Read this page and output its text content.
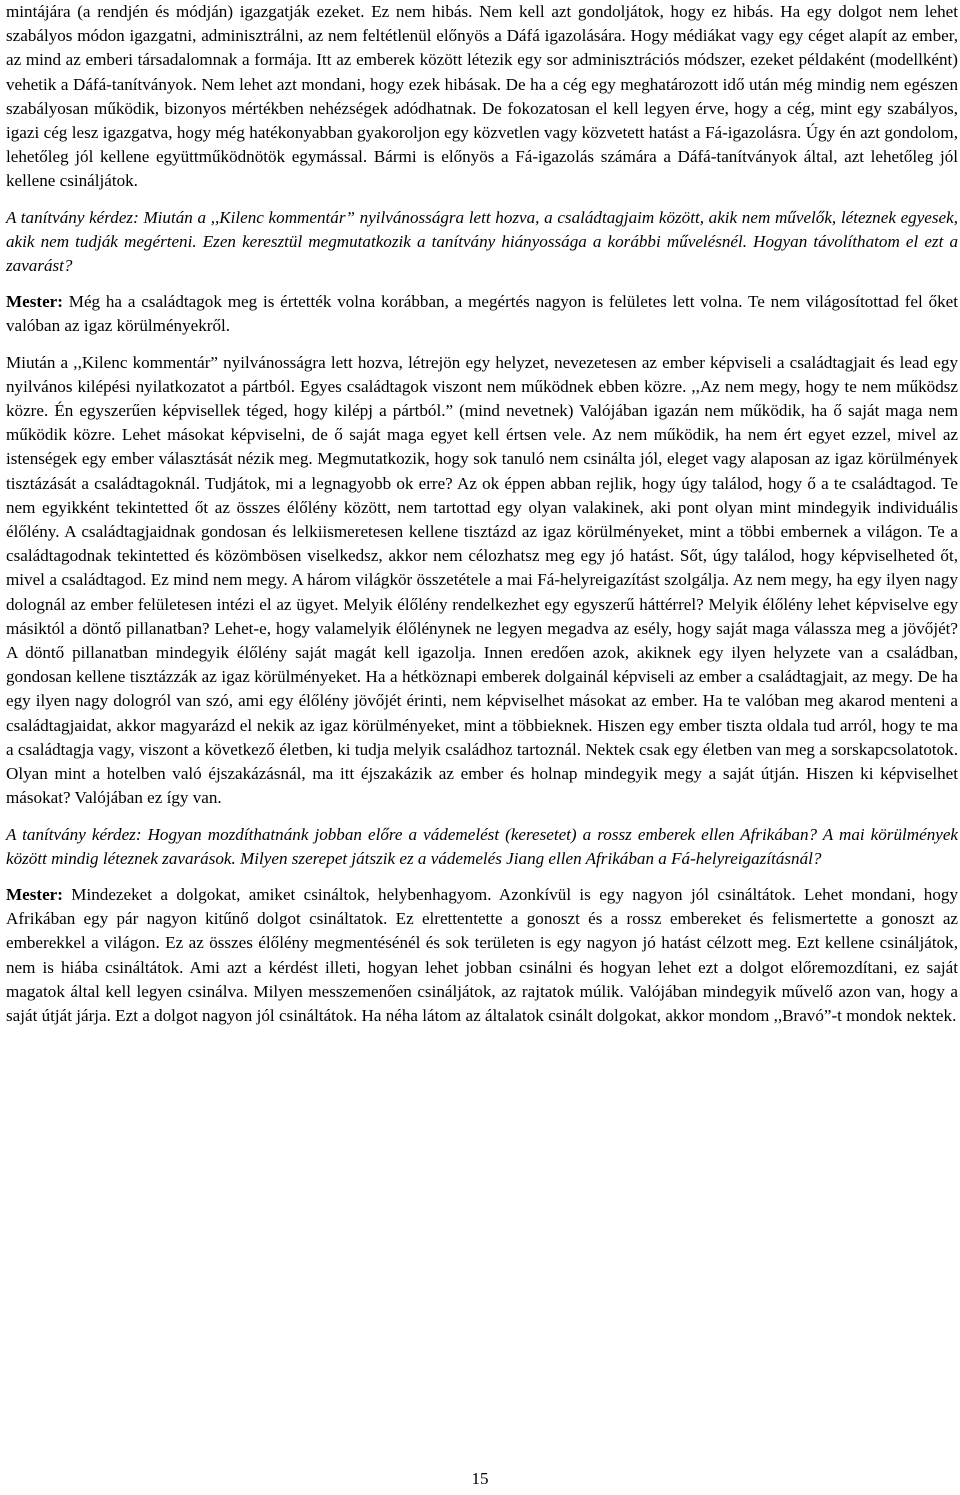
mintájára (a rendjén és módján) igazgatják ezeket. Ez nem hibás. Nem kell azt gondoljátok, hogy ez hibás. Ha egy dolgot nem lehet szabályos módon igazgatni, adminisztrálni, az nem feltétlenül előnyös a Dáfá igazolására. Hogy médiákat vagy egy céget alapít az ember, az mind az emberi társadalomnak a formája. Itt az emberek között létezik egy sor adminisztrációs módszer, ezeket példaként (modellként) vehetik a Dáfá-tanítványok. Nem lehet azt mondani, hogy ezek hibásak. De ha a cég egy meghatározott idő után még mindig nem egészen szabályosan működik, bizonyos mértékben nehézségek adódhatnak. De fokozatosan el kell legyen érve, hogy a cég, mint egy szabályos, igazi cég lesz igazgatva, hogy még hatékonyabban gyakoroljon egy közvetlen vagy közvetett hatást a Fá-igazolásra. Úgy én azt gondolom, lehetőleg jól kellene együttműködnötök egymással. Bármi is előnyös a Fá-igazolás számára a Dáfá-tanítványok által, azt lehetőleg jól kellene csináljátok.

A tanítvány kérdez: Miután a ,,Kilenc kommentár” nyilvánosságra lett hozva, a családtagjaim között, akik nem művelők, léteznek egyesek, akik nem tudják megérteni. Ezen keresztül megmutatkozik a tanítvány hiányossága a korábbi művelésnél. Hogyan távolíthatom el ezt a zavarást?

Mester: Még ha a családtagok meg is értették volna korábban, a megértés nagyon is felületes lett volna. Te nem világosítottad fel őket valóban az igaz körülményekről.

Miután a ,,Kilenc kommentár” nyilvánosságra lett hozva, létrejön egy helyzet, nevezetesen az ember képviseli a családtagjait és lead egy nyilvános kilépési nyilatkozatot a pártból. Egyes családtagok viszont nem működnek ebben közre. ,,Az nem megy, hogy te nem működsz közre. Én egyszerűen képvisellek téged, hogy kilépj a pártból.” (mind nevetnek) Valójában igazán nem működik, ha ő saját maga nem működik közre. Lehet másokat képviselni, de ő saját maga egyet kell értsen vele. Az nem működik, ha nem ért egyet ezzel, mivel az istenségek egy ember választását nézik meg. Megmutatkozik, hogy sok tanuló nem csinálta jól, eleget vagy alaposan az igaz körülmények tisztázását a családtagoknál. Tudjátok, mi a legnagyobb ok erre? Az ok éppen abban rejlik, hogy úgy találod, hogy ő a te családtagod. Te nem egyikként tekintetted őt az összes élőlény között, nem tartottad egy olyan valakinek, aki pont olyan mint mindegyik individuális élőlény. A családtagjaidnak gondosan és lelkiismeretesen kellene tisztázd az igaz körülményeket, mint a többi embernek a világon. Te a családtagodnak tekintetted és közömbösen viselkedsz, akkor nem célozhatsz meg egy jó hatást. Sőt, úgy találod, hogy képviselheted őt, mivel a családtagod. Ez mind nem megy. A három világkör összetétele a mai Fá-helyreigazítást szolgálja. Az nem megy, ha egy ilyen nagy dolognál az ember felületesen intézi el az ügyet. Melyik élőlény rendelkezhet egy egyszerű háttérrel? Melyik élőlény lehet képviselve egy másiktól a döntő pillanatban? Lehet-e, hogy valamelyik élőlénynek ne legyen megadva az esély, hogy saját maga válassza meg a jövőjét? A döntő pillanatban mindegyik élőlény saját magát kell igazolja. Innen eredően azok, akiknek egy ilyen helyzete van a családban, gondosan kellene tisztázzák az igaz körülményeket. Ha a hétköznapi emberek dolgainál képviseli az ember a családtagjait, az megy. De ha egy ilyen nagy dologról van szó, ami egy élőlény jövőjét érinti, nem képviselhet másokat az ember. Ha te valóban meg akarod menteni a családtagjaidat, akkor magyarázd el nekik az igaz körülményeket, mint a többieknek. Hiszen egy ember tiszta oldala tud arról, hogy te ma a családtagja vagy, viszont a következő életben, ki tudja melyik családhoz tartoznál. Nektek csak egy életben van meg a sorskapcsolatotok. Olyan mint a hotelben való éjszakázásnál, ma itt éjszakázik az ember és holnap mindegyik megy a saját útján. Hiszen ki képviselhet másokat? Valójában ez így van.

A tanítvány kérdez: Hogyan mozdíthatnánk jobban előre a vádemelést (keresetet) a rossz emberek ellen Afrikában? A mai körülmények között mindig léteznek zavarások. Milyen szerepet játszik ez a vádemelés Jiang ellen Afrikában a Fá-helyreigazításnál?

Mester: Mindezeket a dolgokat, amiket csináltok, helybenhagyom. Azonkívül is egy nagyon jól csináltátok. Lehet mondani, hogy Afrikában egy pár nagyon kitűnő dolgot csináltatok. Ez elrettentette a gonoszt és a rossz embereket és felismertette a gonoszt az emberekkel a világon. Ez az összes élőlény megmentésénél és sok területen is egy nagyon jó hatást célzott meg. Ezt kellene csináljátok, nem is hiába csináltátok. Ami azt a kérdést illeti, hogyan lehet jobban csinálni és hogyan lehet ezt a dolgot előremozdítani, ez saját magatok által kell legyen csinálva. Milyen messzemenően csináljátok, az rajtatok múlik. Valójában mindegyik művelő azon van, hogy a saját útját járja. Ezt a dolgot nagyon jól csináltátok. Ha néha látom az általatok csinált dolgokat, akkor mondom ,,Bravó”-t mondok nektek.

15
